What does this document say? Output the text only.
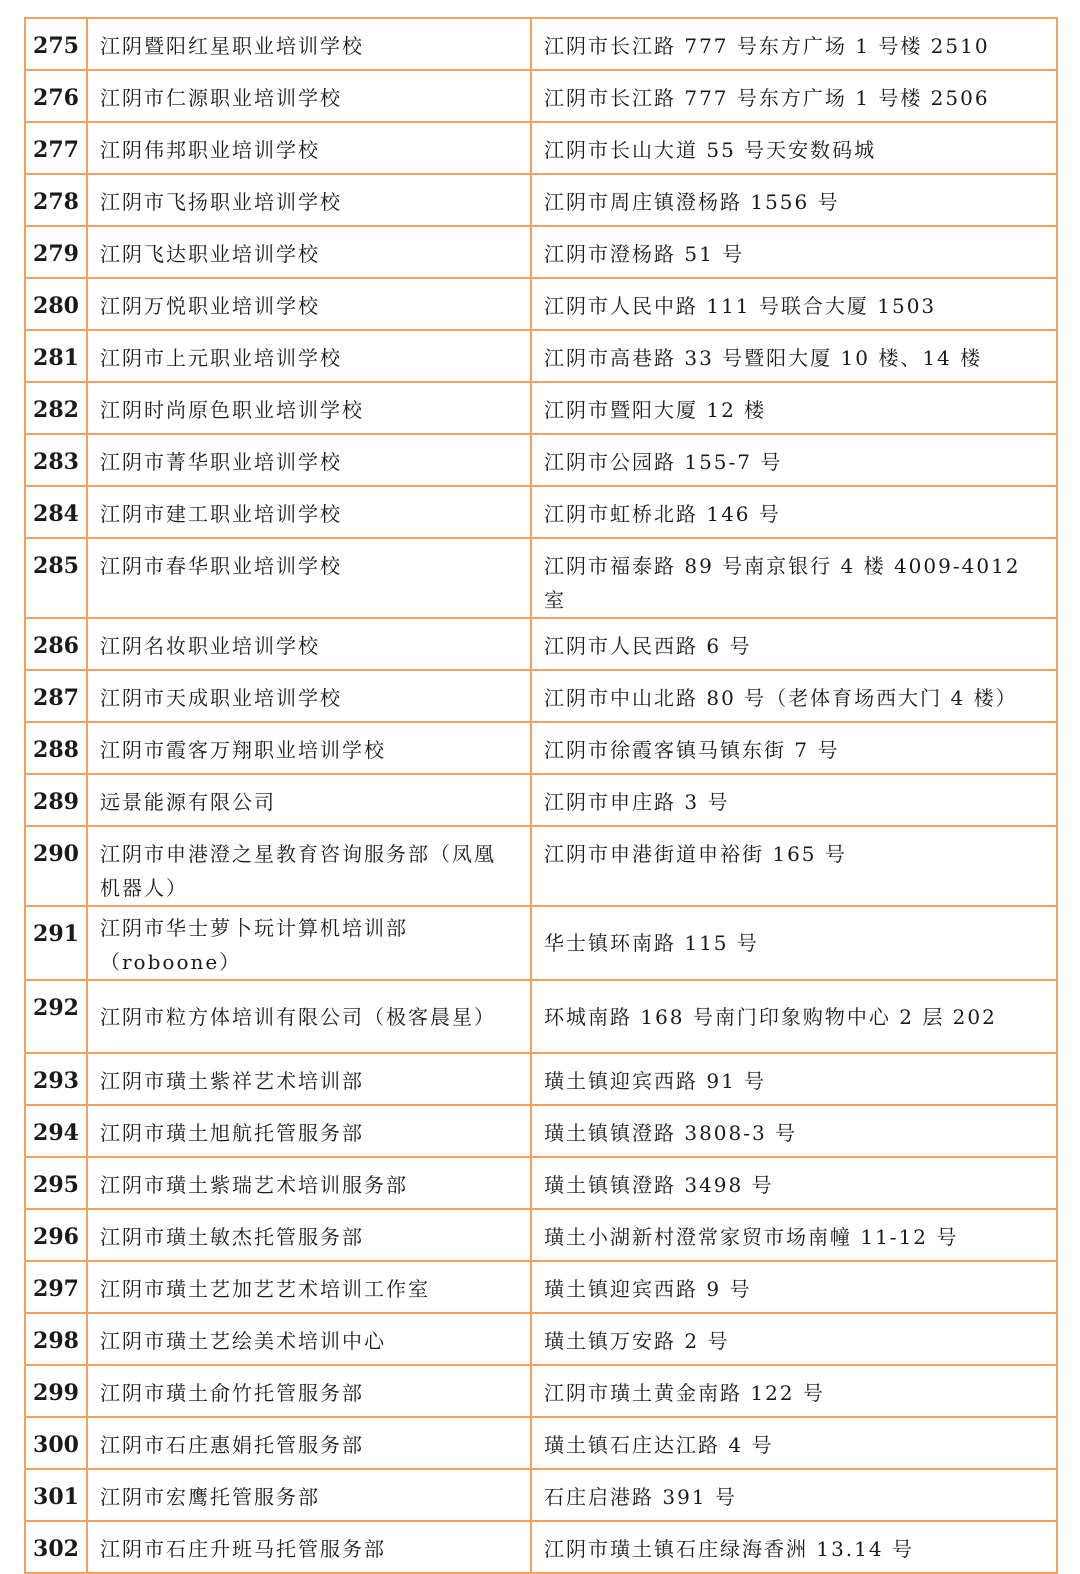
275	江阴暨阳红星职业培训学校	江阴市长江路 777 号东方广场 1 号楼 2510

276	江阴市仁源职业培训学校	江阴市长江路 777 号东方广场 1 号楼 2506

277	江阴伟邦职业培训学校	江阴市长山大道 55 号天安数码城

278	江阴市飞扬职业培训学校	江阴市周庄镇澄杨路 1556 号

279	江阴飞达职业培训学校	江阴市澄杨路 51 号

280	江阴万悦职业培训学校	江阴市人民中路 111 号联合大厦 1503

281	江阴市上元职业培训学校	江阴市高巷路 33 号暨阳大厦 10 楼、14 楼

282	江阴时尚原色职业培训学校	江阴市暨阳大厦 12 楼

283	江阴市菁华职业培训学校	江阴市公园路 155-7 号

284	江阴市建工职业培训学校	江阴市虹桥北路 146 号

285	江阴市春华职业培训学校	江阴市福泰路 89 号南京银行 4 楼 4009-4012 室

286	江阴名妆职业培训学校	江阴市人民西路 6 号

287	江阴市天成职业培训学校	江阴市中山北路 80 号（老体育场西大门 4 楼）

288	江阴市霞客万翔职业培训学校	江阴市徐霞客镇马镇东街 7 号

289	远景能源有限公司	江阴市申庄路 3 号

290	江阴市申港澄之星教育咨询服务部（凤凰
机器人）	江阴市申港街道申裕街 165 号

291	江阴市华士萝卜玩计算机培训部
（roboone）	华士镇环南路 115 号

292	江阴市粒方体培训有限公司（极客晨星）	环城南路 168 号南门印象购物中心 2 层 202

293	江阴市璜土紫祥艺术培训部	璜土镇迎宾西路 91 号

294	江阴市璜土旭航托管服务部	璜土镇镇澄路 3808-3 号

295	江阴市璜土紫瑞艺术培训服务部	璜土镇镇澄路 3498 号

296	江阴市璜土敏杰托管服务部	璜土小湖新村澄常家贸市场南幢 11-12 号

297	江阴市璜土艺加艺艺术培训工作室	璜土镇迎宾西路 9 号

298	江阴市璜土艺绘美术培训中心	璜土镇万安路 2 号

299	江阴市璜土俞竹托管服务部	江阴市璜土黄金南路 122 号

300	江阴市石庄惠娟托管服务部	璜土镇石庄达江路 4 号

301	江阴市宏鹰托管服务部	石庄启港路 391 号

302	江阴市石庄升班马托管服务部	江阴市璜土镇石庄绿海香洲 13.14 号
